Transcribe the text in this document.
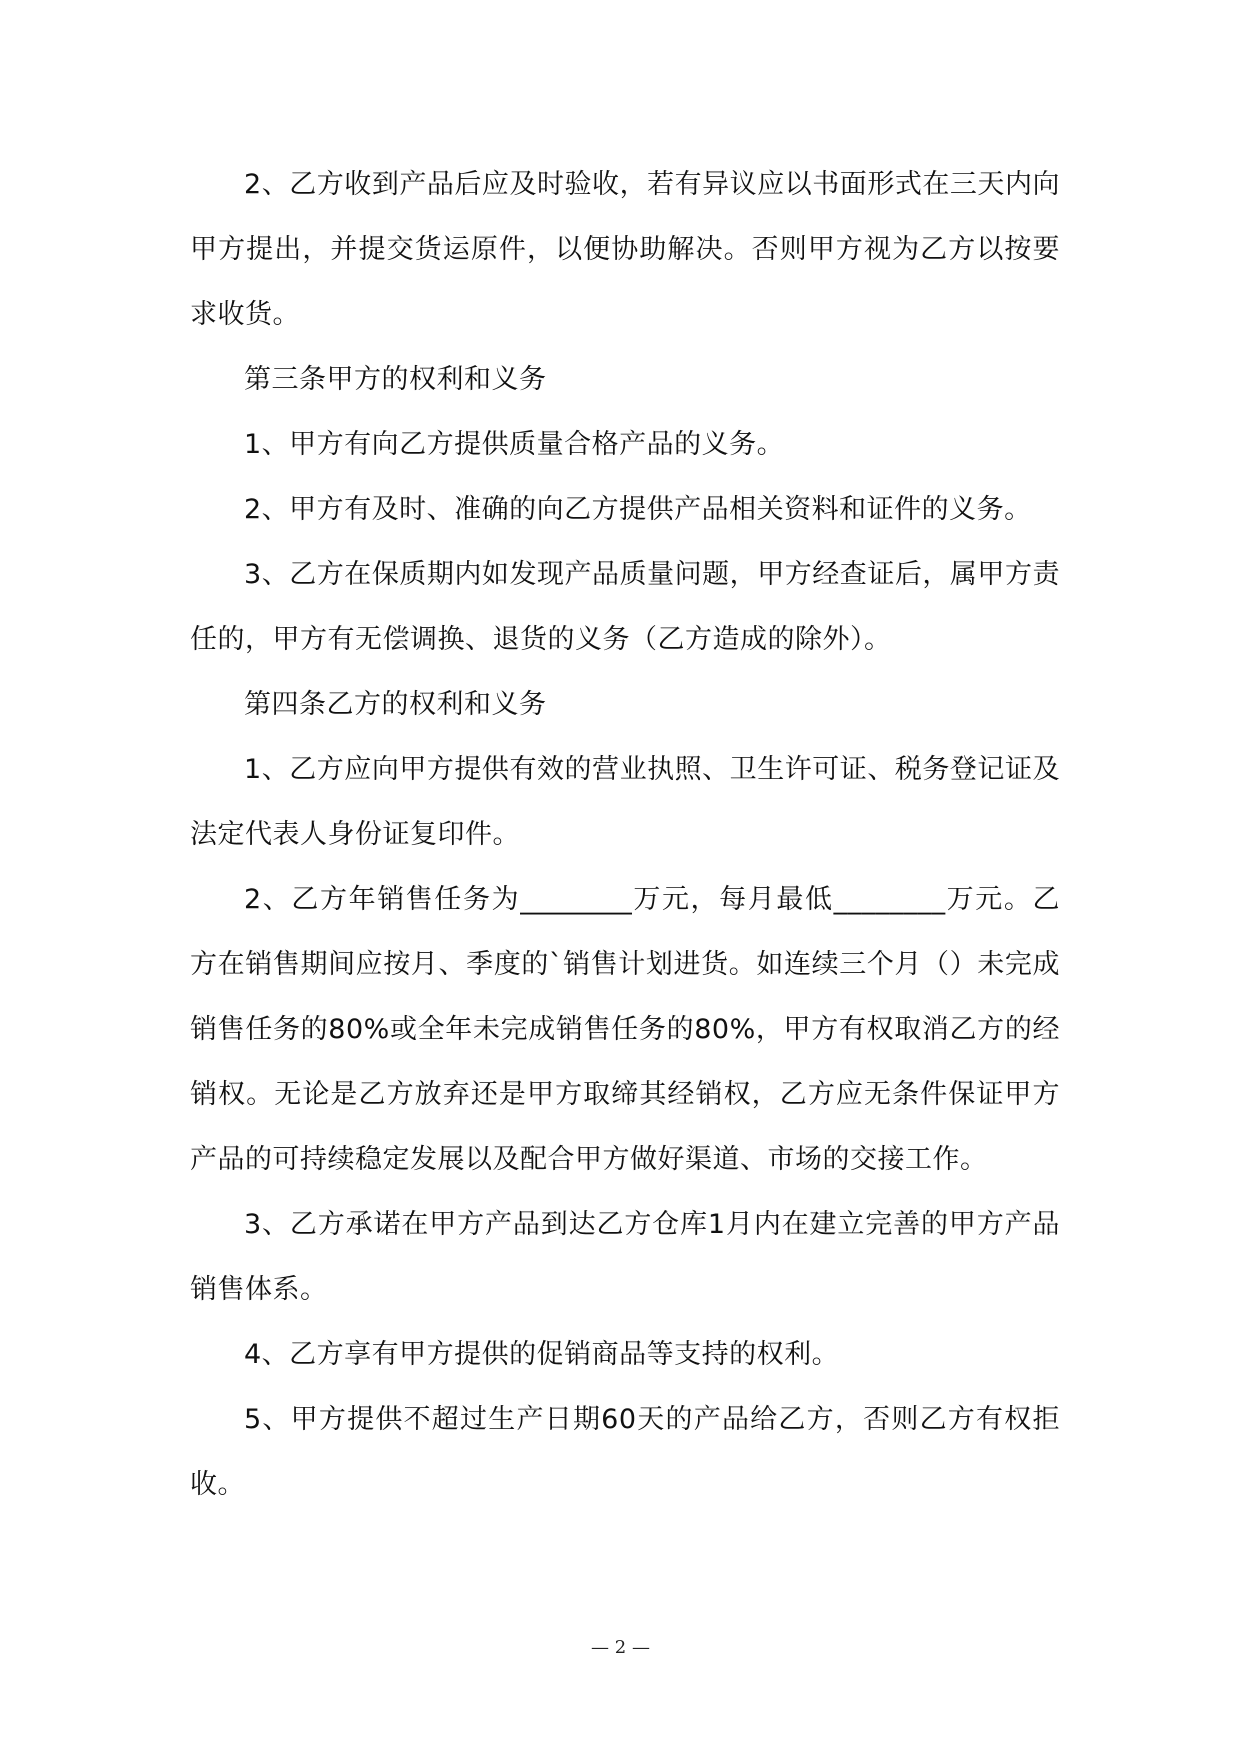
2、乙方收到产品后应及时验收，若有异议应以书面形式在三天内向甲方提出，并提交货运原件，以便协助解决。否则甲方视为乙方以按要求收货。

第三条甲方的权利和义务

1、甲方有向乙方提供质量合格产品的义务。

2、甲方有及时、准确的向乙方提供产品相关资料和证件的义务。

3、乙方在保质期内如发现产品质量问题，甲方经查证后，属甲方责任的，甲方有无偿调换、退货的义务（乙方造成的除外）。

第四条乙方的权利和义务

1、乙方应向甲方提供有效的营业执照、卫生许可证、税务登记证及法定代表人身份证复印件。

2、乙方年销售任务为________万元，每月最低________万元。乙方在销售期间应按月、季度的`销售计划进货。如连续三个月（）未完成销售任务的80%或全年未完成销售任务的80%，甲方有权取消乙方的经销权。无论是乙方放弃还是甲方取缔其经销权，乙方应无条件保证甲方产品的可持续稳定发展以及配合甲方做好渠道、市场的交接工作。

3、乙方承诺在甲方产品到达乙方仓库1月内在建立完善的甲方产品销售体系。

4、乙方享有甲方提供的促销商品等支持的权利。

5、甲方提供不超过生产日期60天的产品给乙方，否则乙方有权拒收。

— 2 —
